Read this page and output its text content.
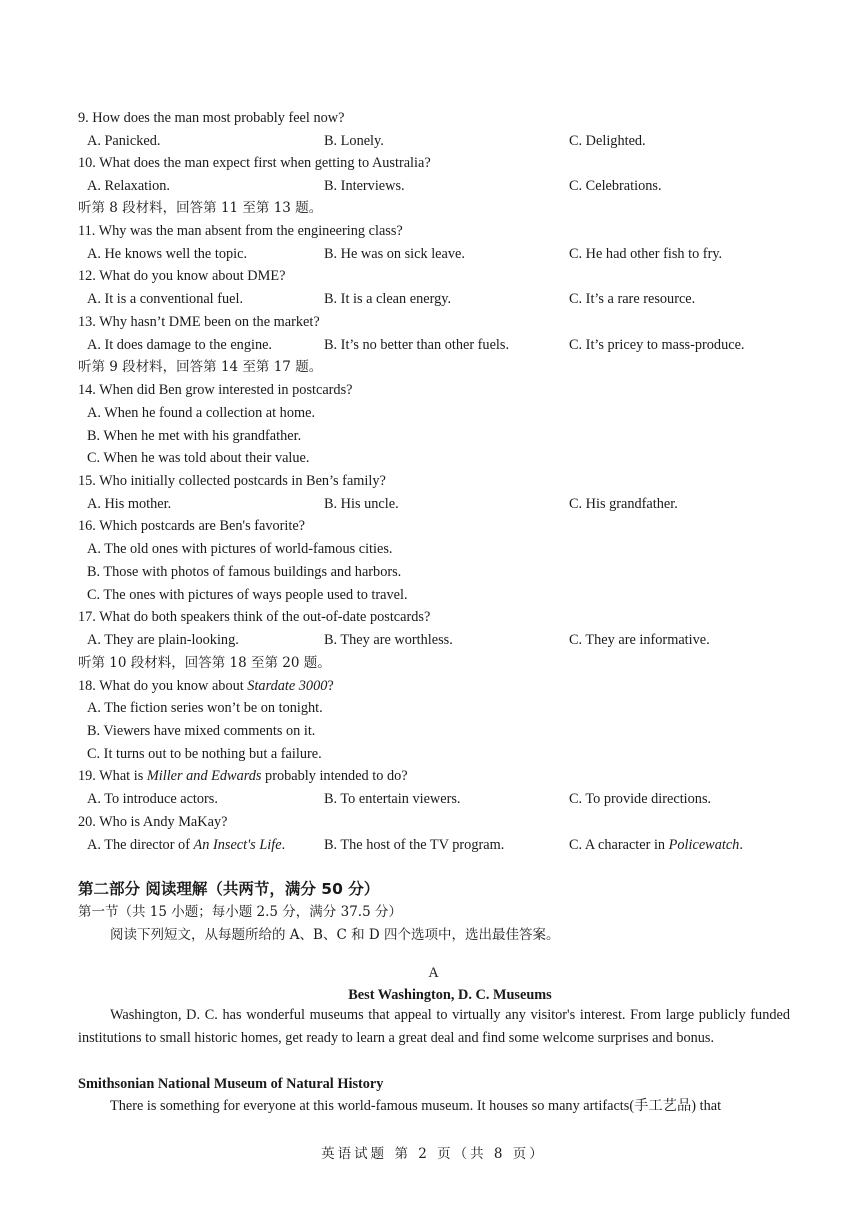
9. How does the man most probably feel now?
A. Panicked.	B. Lonely.	C. Delighted.
10. What does the man expect first when getting to Australia?
A. Relaxation.	B. Interviews.	C. Celebrations.
听第 8 段材料，回答第 11 至第 13 题。
11. Why was the man absent from the engineering class?
A. He knows well the topic.	B. He was on sick leave.	C. He had other fish to fry.
12. What do you know about DME?
A. It is a conventional fuel.	B. It is a clean energy.	C. It’s a rare resource.
13. Why hasn’t DME been on the market?
A. It does damage to the engine.	B. It’s no better than other fuels.	C. It’s pricey to mass-produce.
听第 9 段材料，回答第 14 至第 17 题。
14. When did Ben grow interested in postcards?
A. When he found a collection at home.
B. When he met with his grandfather.
C. When he was told about their value.
15. Who initially collected postcards in Ben’s family?
A. His mother.	B. His uncle.	C. His grandfather.
16. Which postcards are Ben's favorite?
A. The old ones with pictures of world-famous cities.
B. Those with photos of famous buildings and harbors.
C. The ones with pictures of ways people used to travel.
17. What do both speakers think of the out-of-date postcards?
A. They are plain-looking.	B. They are worthless.	C. They are informative.
听第 10 段材料，回答第 18 至第 20 题。
18. What do you know about Stardate 3000?
A. The fiction series won’t be on tonight.
B. Viewers have mixed comments on it.
C. It turns out to be nothing but a failure.
19. What is Miller and Edwards probably intended to do?
A. To introduce actors.	B. To entertain viewers.	C. To provide directions.
20. Who is Andy MaKay?
A. The director of An Insect's Life.	B. The host of the TV program.	C. A character in Policewatch.
第二部分 阅读理解（共两节，满分 50 分）
第一节（共 15 小题；每小题 2.5 分，满分 37.5 分）
阅读下列短文，从每题所给的 A、B、C 和 D 四个选项中，选出最佳答案。
A
Best Washington, D. C. Museums
Washington, D. C. has wonderful museums that appeal to virtually any visitor's interest. From large publicly funded institutions to small historic homes, get ready to learn a great deal and find some welcome surprises and bonus.
Smithsonian National Museum of Natural History
There is something for everyone at this world-famous museum. It houses so many artifacts(手工艺品) that
英语试题 第 2 页（共 8 页）
